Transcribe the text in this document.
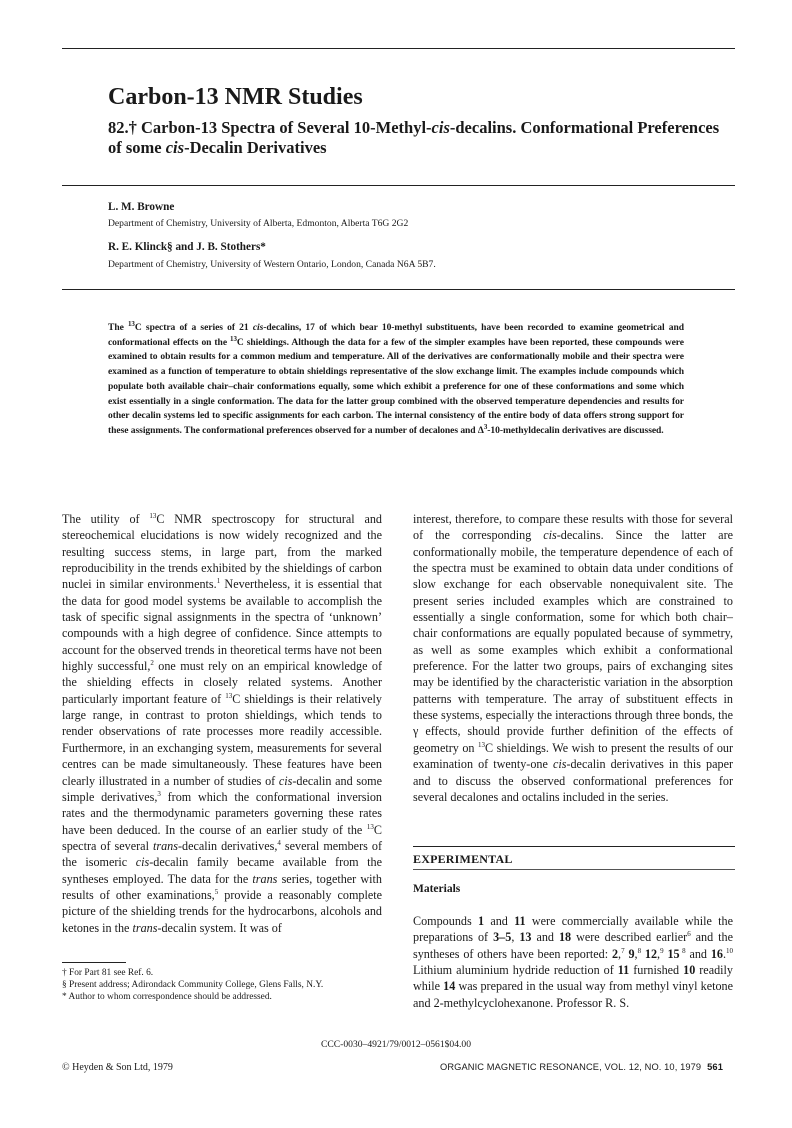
Carbon-13 NMR Studies
82.† Carbon-13 Spectra of Several 10-Methyl-cis-decalins. Conformational Preferences of some cis-Decalin Derivatives
L. M. Browne
Department of Chemistry, University of Alberta, Edmonton, Alberta T6G 2G2
R. E. Klinck§ and J. B. Stothers*
Department of Chemistry, University of Western Ontario, London, Canada N6A 5B7.

The $^{13}$C spectra of a series of 21 cis-decalins, 17 of which bear 10-methyl substituents, have been recorded to examine geometrical and conformational effects on the $^{13}$C shieldings. Although the data for a few of the simpler examples have been reported, these compounds were examined to obtain results for a common medium and temperature. All of the derivatives are conformationally mobile and their spectra were examined as a function of temperature to obtain shieldings representative of the slow exchange limit. The examples include compounds which populate both available chair–chair conformations equally, some which exhibit a preference for one of these conformations and some which exist essentially in a single conformation. The data for the latter group combined with the observed temperature dependencies and results for other decalin systems led to specific assignments for each carbon. The internal consistency of the entire body of data offers strong support for these assignments. The conformational preferences observed for a number of decalones and $\Delta^3-10$-methyldecalin derivatives are discussed.

The utility of $^{13}$C NMR spectroscopy for structural and stereochemical elucidations is now widely recognized and the resulting success stems, in large part, from the marked reproducibility in the trends exhibited by the shieldings of carbon nuclei in similar environments.$^1$ Nevertheless, it is essential that the data for good model systems be available to accomplish the task of specific signal assignments in the spectra of ‘unknown’ compounds with a high degree of confidence. Since attempts to account for the observed trends in theoretical terms have not been highly successful,$^2$ one must rely on an empirical knowledge of the shielding effects in closely related systems. Another particularly important feature of $^{13}$C shieldings is their relatively large range, in contrast to proton shieldings, which tends to render observations of rate processes more readily accessible. Furthermore, in an exchanging system, measurements for several centres can be made simultaneously. These features have been clearly illustrated in a number of studies of cis-decalin and some simple derivatives,$^3$ from which the conformational inversion rates and the thermodynamic parameters governing these rates have been deduced. In the course of an earlier study of the $^{13}$C spectra of several trans-decalin derivatives,$^4$ several members of the isomeric cis-decalin family became available from the syntheses employed. The data for the trans series, together with results of other examinations,$^5$ provide a reasonably complete picture of the shielding trends for the hydrocarbons, alcohols and ketones in the trans-decalin system. It was of

interest, therefore, to compare these results with those for several of the corresponding cis-decalins. Since the latter are conformationally mobile, the temperature dependence of each of the spectra must be examined to obtain data under conditions of slow exchange for each observable nonequivalent site. The present series included examples which are constrained to essentially a single conformation, some for which both chair–chair conformations are equally populated because of symmetry, as well as some examples which exhibit a conformational preference. For the latter two groups, pairs of exchanging sites may be identified by the characteristic variation in the absorption patterns with temperature. The array of substituent effects in these systems, especially the interactions through three bonds, the γ effects, should provide further definition of the effects of geometry on $^{13}$C shieldings. We wish to present the results of our examination of twenty-one cis-decalin derivatives in this paper and to discuss the observed conformational preferences for several decalones and octalins included in the series.

† For Part 81 see Ref. 6.
§ Present address; Adirondack Community College, Glens Falls, N.Y.
* Author to whom correspondence should be addressed.
EXPERIMENTAL
Materials

Compounds 1 and 11 were commercially available while the preparations of 3–5, 13 and 18 were described earlier$^6$ and the syntheses of others have been reported: 2,$^7$ 9,$^8$ 12,$^9$ 15 $^8$ and 16.10 Lithium aluminium hydride reduction of 11 furnished 10 readily while 14 was prepared in the usual way from methyl vinyl ketone and 2-methylcyclohexanone. Professor R. S.

CCC-0030–4921/79/0012–0561$04.00
© Heyden & Son Ltd, 1979	ORGANIC MAGNETIC RESONANCE, VOL. 12, NO. 10, 1979 561
